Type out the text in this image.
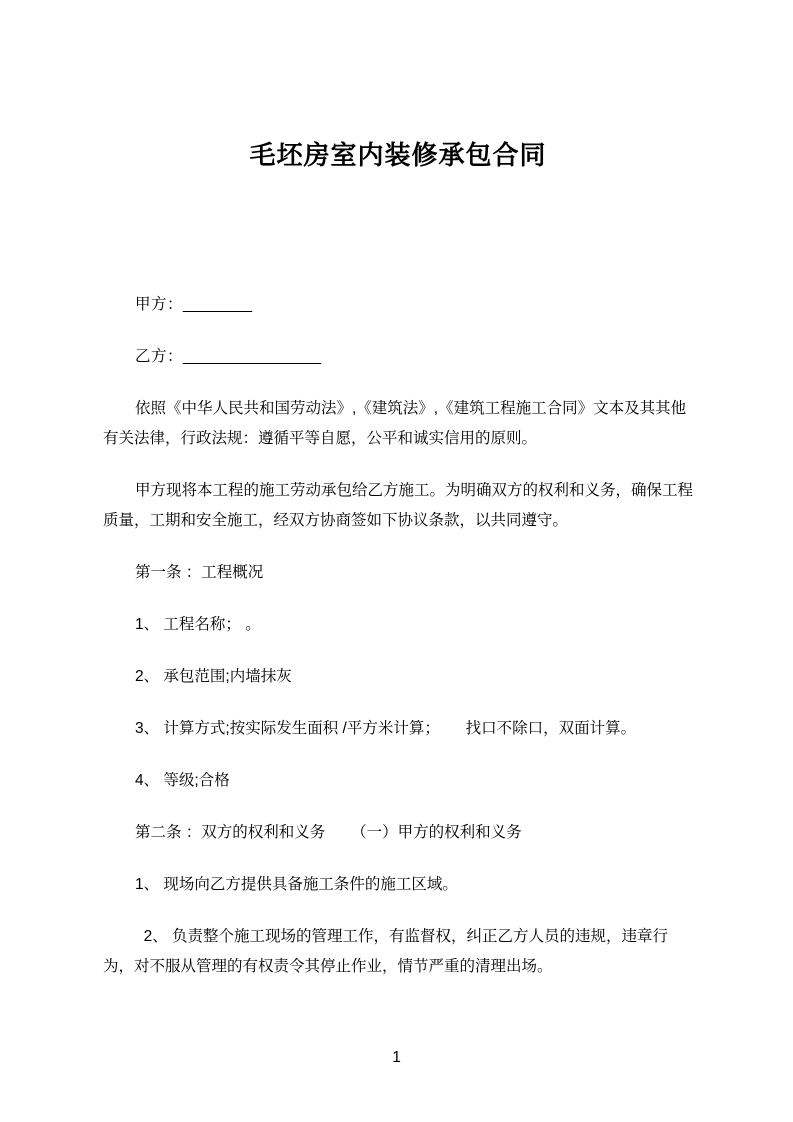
毛坯房室内装修承包合同

甲方：________

乙方：________________

依照《中华人民共和国劳动法》,《建筑法》,《建筑工程施工合同》文本及其其他有关法律，行政法规：遵循平等自愿，公平和诚实信用的原则。

甲方现将本工程的施工劳动承包给乙方施工。为明确双方的权利和义务，确保工程质量，工期和安全施工，经双方协商签如下协议条款，以共同遵守。

第一条 ：工程概况

1、 工程名称； 。

2、 承包范围;内墙抹灰

3、 计算方式;按实际发生面积 /平方米计算；      找口不除口，双面计算。

4、 等级;合格

第二条 ：双方的权利和义务      （一）甲方的权利和义务

1、 现场向乙方提供具备施工条件的施工区域。

2、 负责整个施工现场的管理工作，有监督权，纠正乙方人员的违规，违章行为，对不服从管理的有权责令其停止作业，情节严重的清理出场。

1
